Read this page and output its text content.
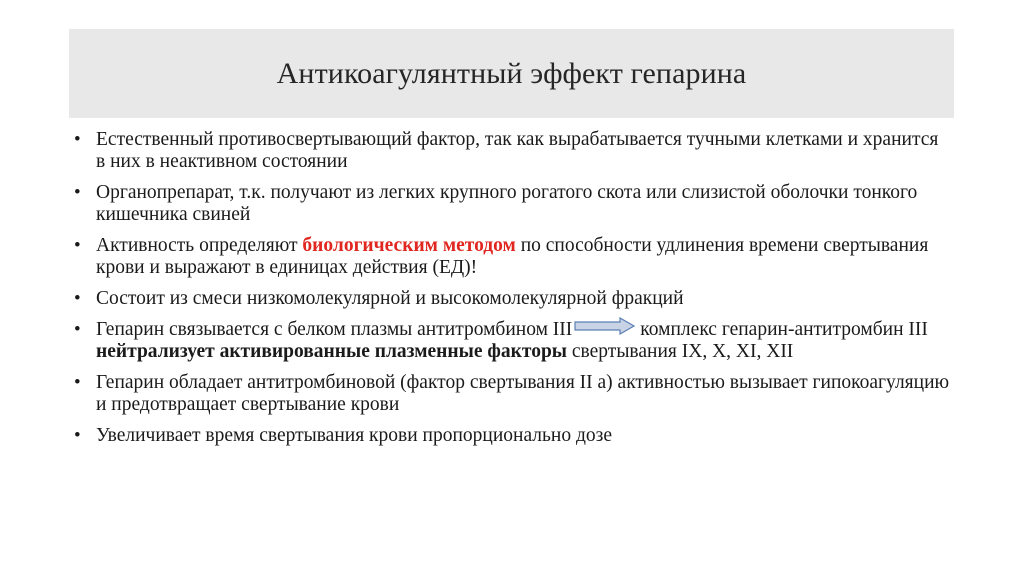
Антикоагулянтный эффект гепарина
• Естественный противосвертывающий фактор, так как вырабатывается тучными клетками и хранится в них в неактивном состоянии
• Органопрепарат, т.к. получают из легких крупного рогатого скота или слизистой оболочки тонкого кишечника свиней
• Активность определяют биологическим методом по способности удлинения времени свертывания крови и выражают в единицах действия (ЕД)!
• Состоит из смеси низкомолекулярной и высокомолекулярной фракций
• Гепарин связывается с белком плазмы антитромбином III	комплекс гепарин-антитромбин III нейтрализует активированные плазменные факторы свертывания IX, X, XI, XII
• Гепарин обладает антитромбиновой (фактор свертывания II а) активностью вызывает гипокоагуляцию и предотвращает свертывание крови
• Увеличивает время свертывания крови пропорционально дозе
